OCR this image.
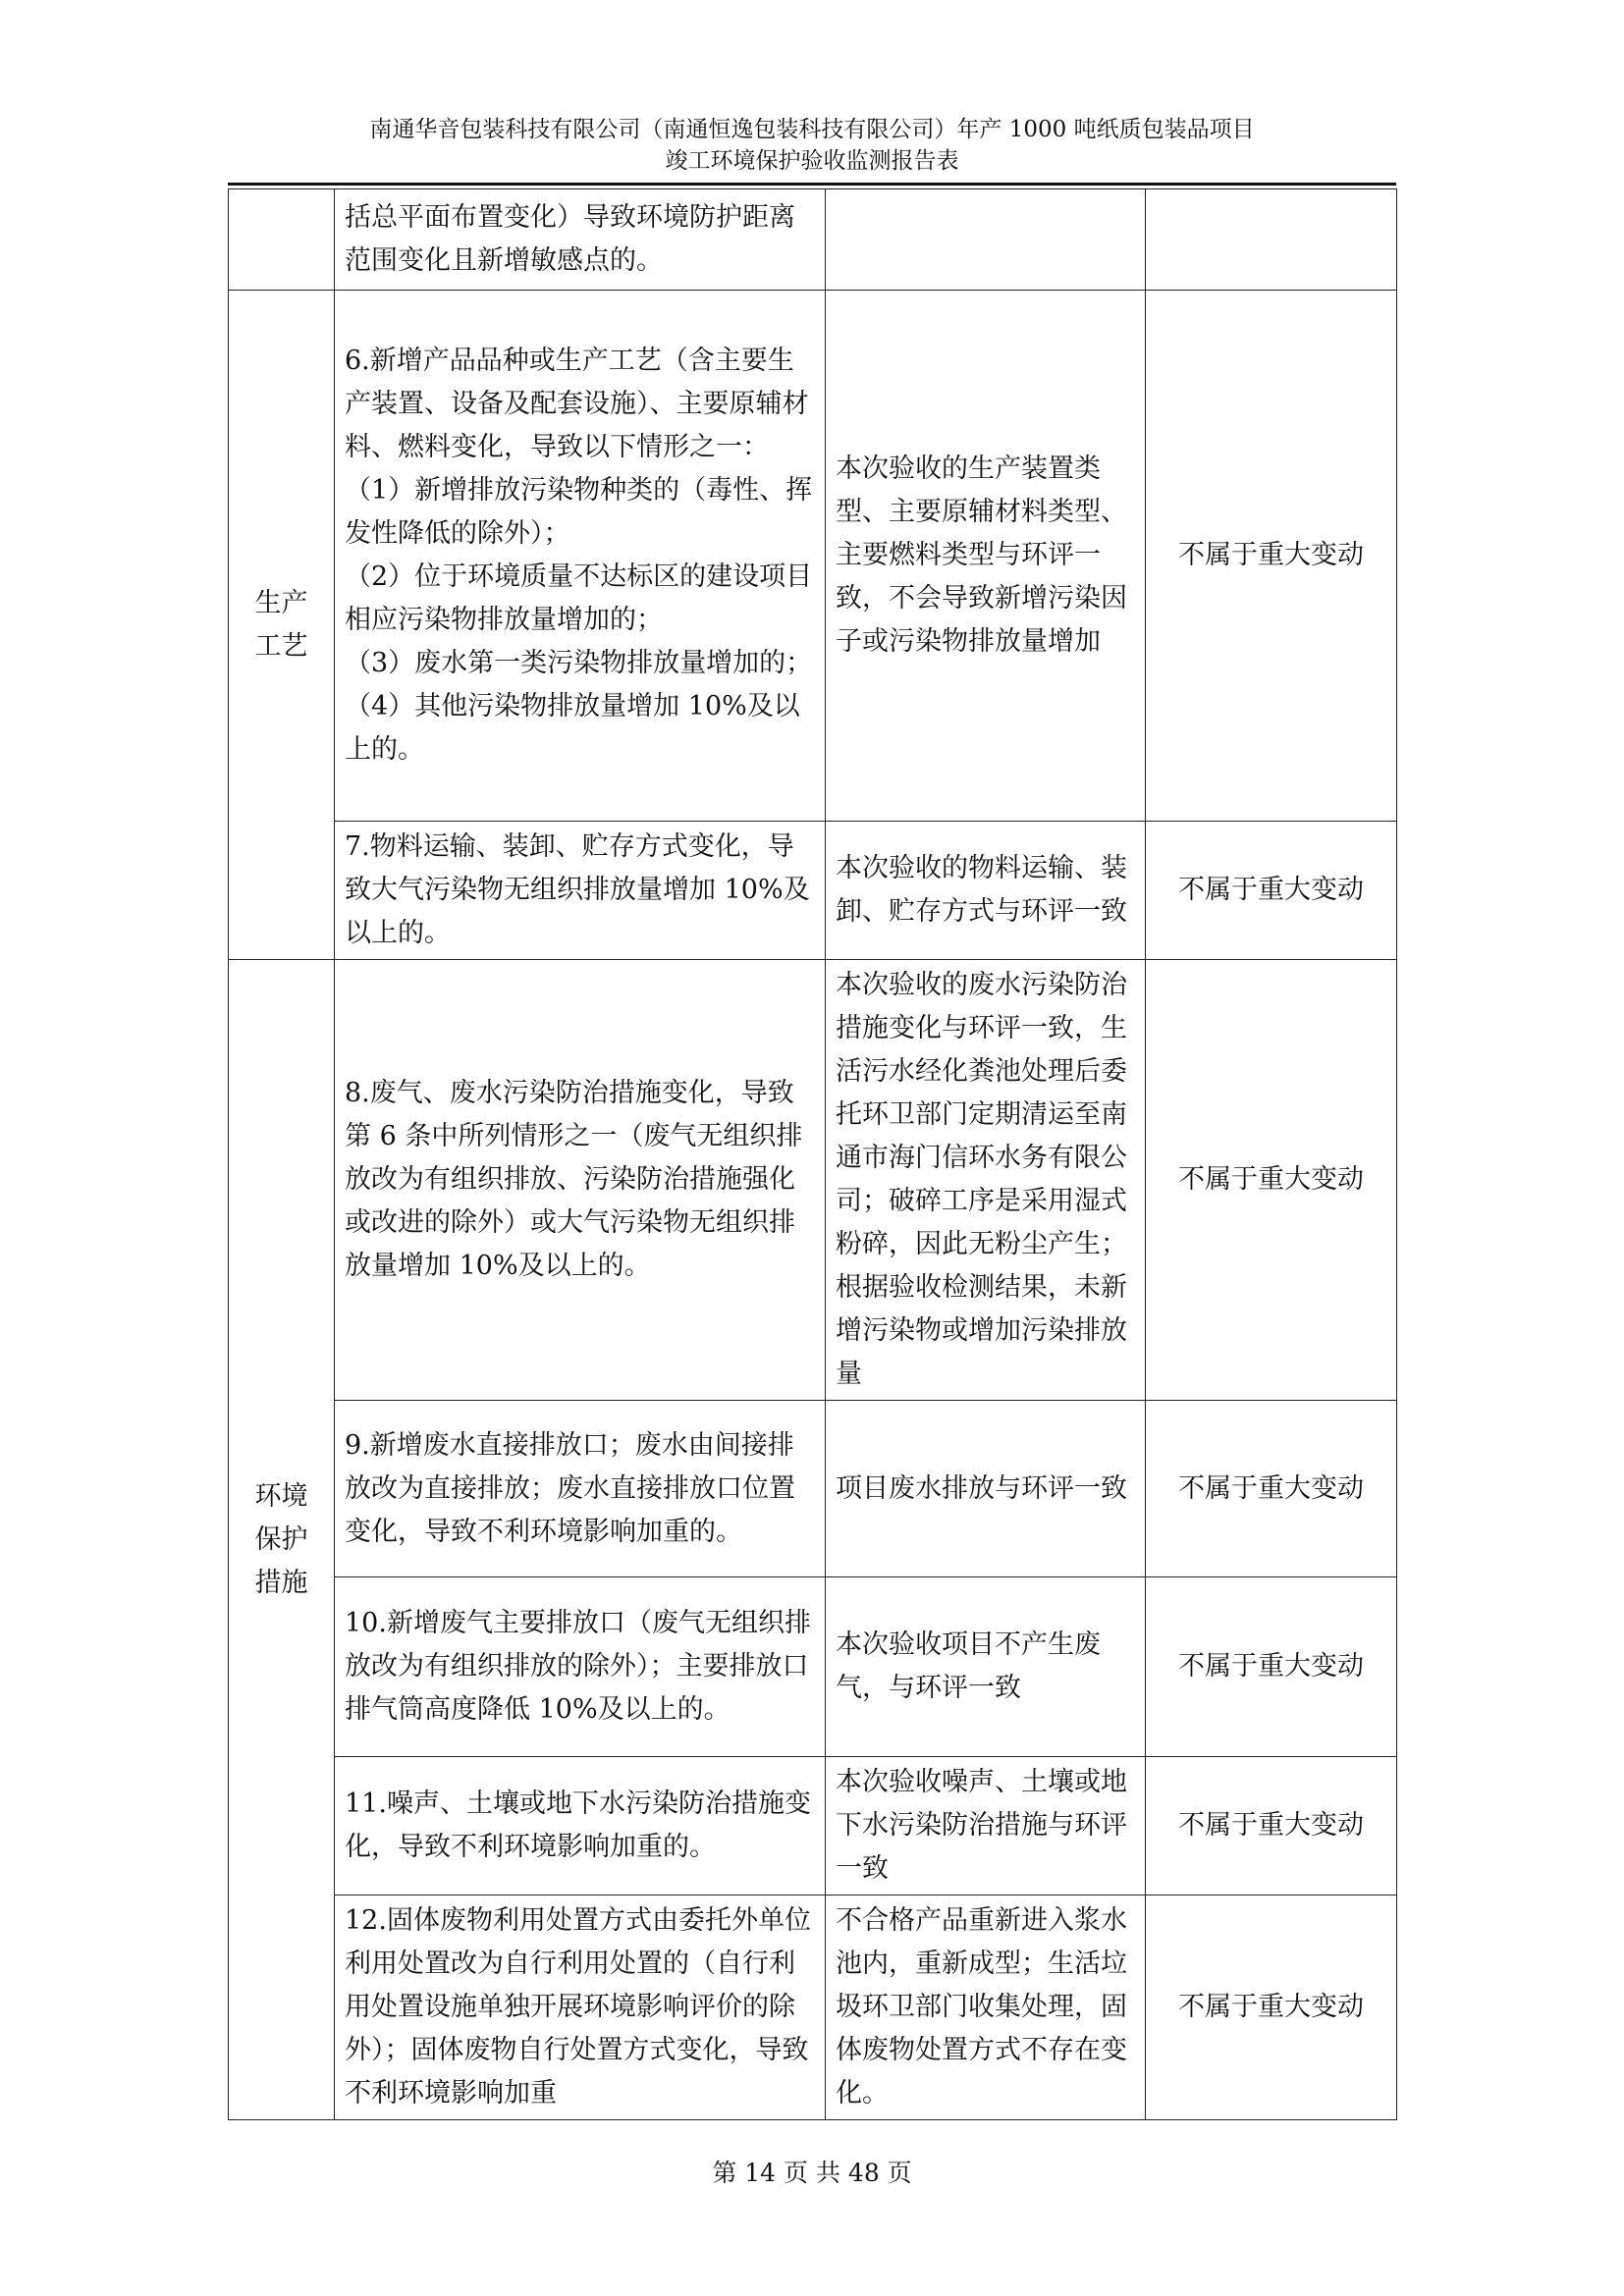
南通华音包装科技有限公司（南通恒逸包装科技有限公司）年产 1000 吨纸质包装品项目
竣工环境保护验收监测报告表
	括总平面布置变化）导致环境防护距离范围变化且新增敏感点的。		
生产工艺	6.新增产品品种或生产工艺（含主要生产装置、设备及配套设施）、主要原辅材料、燃料变化，导致以下情形之一：
（1）新增排放污染物种类的（毒性、挥发性降低的除外）；
（2）位于环境质量不达标区的建设项目相应污染物排放量增加的；
（3）废水第一类污染物排放量增加的；
（4）其他污染物排放量增加 10%及以上的。	本次验收的生产装置类型、主要原辅材料类型、主要燃料类型与环评一致，不会导致新增污染因子或污染物排放量增加	不属于重大变动
	7.物料运输、装卸、贮存方式变化，导致大气污染物无组织排放量增加 10%及以上的。	本次验收的物料运输、装卸、贮存方式与环评一致	不属于重大变动
环境保护措施	8.废气、废水污染防治措施变化，导致第 6 条中所列情形之一（废气无组织排放改为有组织排放、污染防治措施强化或改进的除外）或大气污染物无组织排放量增加 10%及以上的。	本次验收的废水污染防治措施变化与环评一致，生活污水经化粪池处理后委托环卫部门定期清运至南通市海门信环水务有限公司；破碎工序是采用湿式粉碎，因此无粉尘产生；根据验收检测结果，未新增污染物或增加污染排放量	不属于重大变动
	9.新增废水直接排放口；废水由间接排放改为直接排放；废水直接排放口位置变化，导致不利环境影响加重的。	项目废水排放与环评一致	不属于重大变动
	10.新增废气主要排放口（废气无组织排放改为有组织排放的除外）；主要排放口排气筒高度降低 10%及以上的。	本次验收项目不产生废气，与环评一致	不属于重大变动
	11.噪声、土壤或地下水污染防治措施变化，导致不利环境影响加重的。	本次验收噪声、土壤或地下水污染防治措施与环评一致	不属于重大变动
	12.固体废物利用处置方式由委托外单位利用处置改为自行利用处置的（自行利用处置设施单独开展环境影响评价的除外）；固体废物自行处置方式变化，导致不利环境影响加重	不合格产品重新进入浆水池内，重新成型；生活垃圾环卫部门收集处理，固体废物处置方式不存在变化。	不属于重大变动
第 14 页 共 48 页
